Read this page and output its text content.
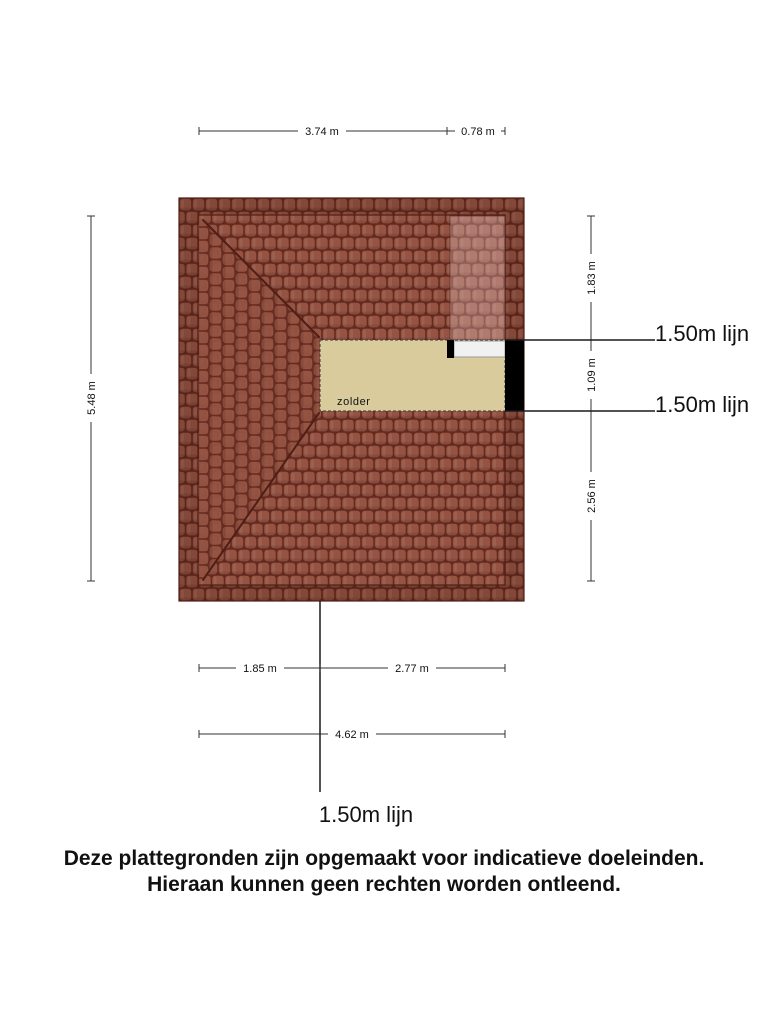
zolder
3.74 m	0.78 m
5.48 m
1.50m lijn
1.50m lijn
1.50m lijn
1.83 m
1.09 m
2.56 m
1.85 m	2.77 m
4.62 m
Deze plattegronden zijn opgemaakt voor indicatieve doeleinden.
Hieraan kunnen geen rechten worden ontleend.
